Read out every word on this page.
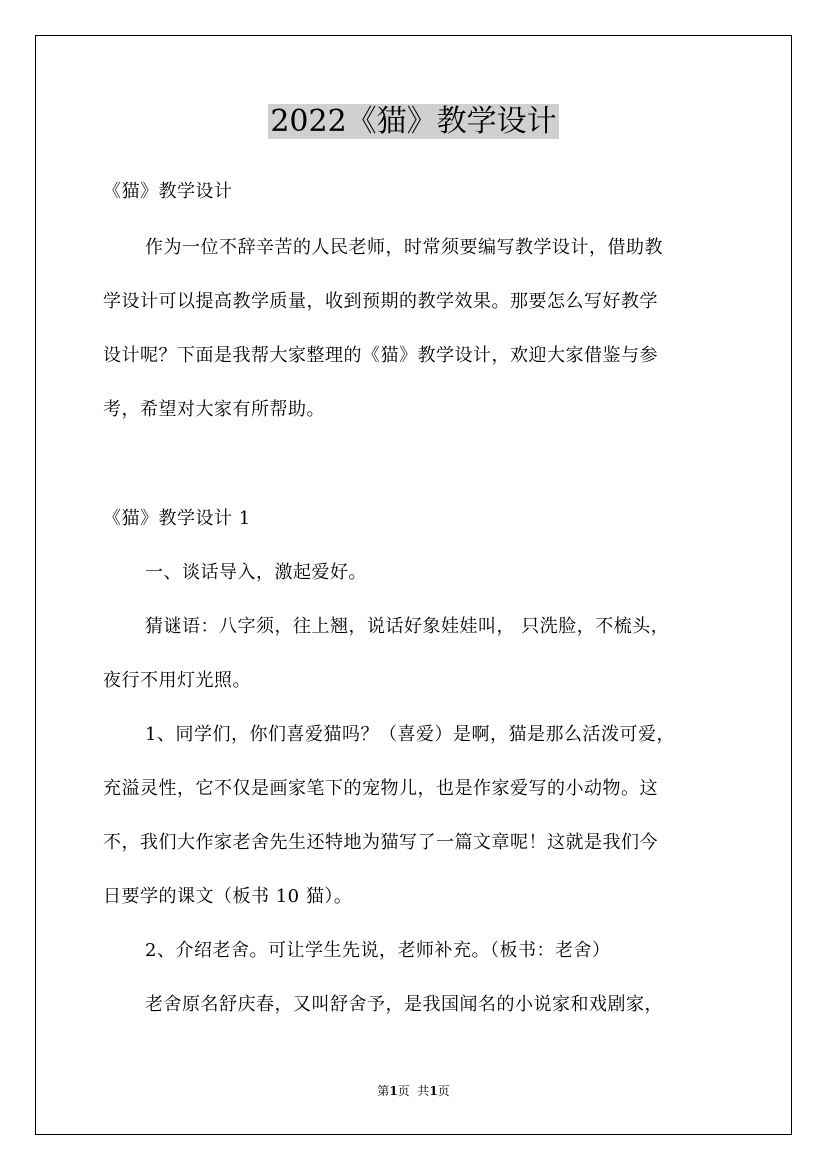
2022《猫》教学设计
《猫》教学设计
作为一位不辞辛苦的人民老师，时常须要编写教学设计，借助教
学设计可以提高教学质量，收到预期的教学效果。那要怎么写好教学
设计呢？下面是我帮大家整理的《猫》教学设计，欢迎大家借鉴与参
考，希望对大家有所帮助。
《猫》教学设计 1
一、谈话导入，激起爱好。
猜谜语：八字须，往上翘，说话好象娃娃叫， 只洗脸，不梳头，
夜行不用灯光照。
1、同学们，你们喜爱猫吗？（喜爱）是啊，猫是那么活泼可爱，
充溢灵性，它不仅是画家笔下的宠物儿，也是作家爱写的小动物。这
不，我们大作家老舍先生还特地为猫写了一篇文章呢！这就是我们今
日要学的课文（板书 10 猫）。
2、介绍老舍。可让学生先说，老师补充。（板书：老舍）
老舍原名舒庆春，又叫舒舍予，是我国闻名的小说家和戏剧家，
第1页  共1页
